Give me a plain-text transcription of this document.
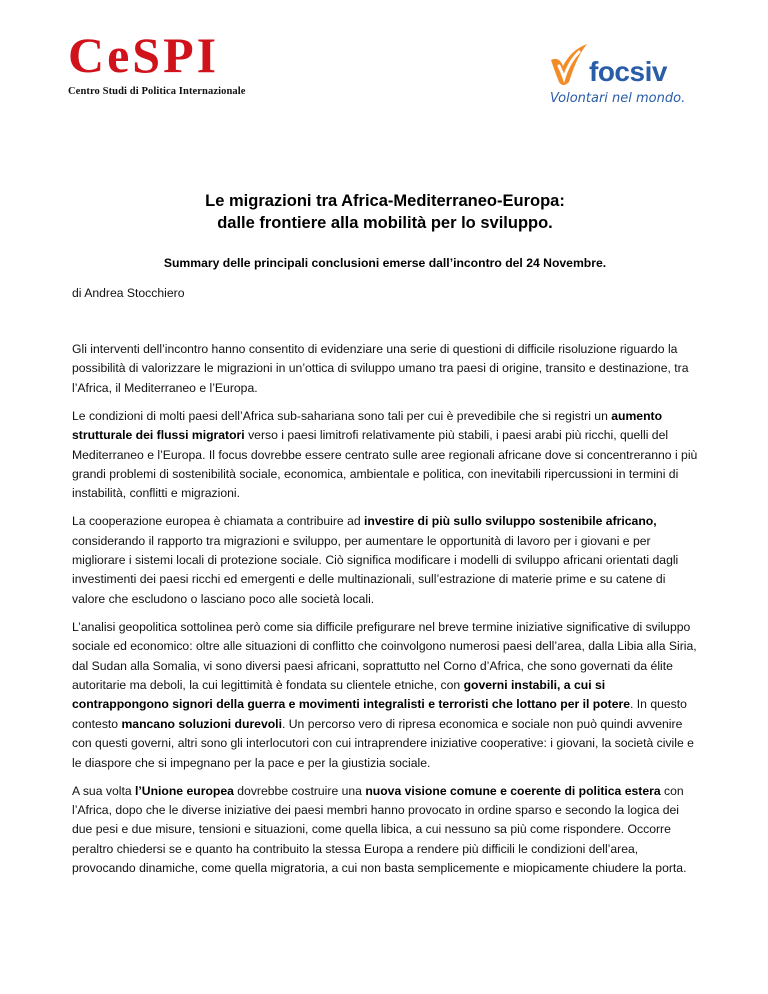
CeSPI
Centro Studi di Politica Internazionale
focsiv
Volontari nel mondo.
Le migrazioni tra Africa-Mediterraneo-Europa:
dalle frontiere alla mobilità per lo sviluppo.
Summary delle principali conclusioni emerse dall’incontro del 24 Novembre.
di Andrea Stocchiero

Gli interventi dell’incontro hanno consentito di evidenziare una serie di questioni di difficile risoluzione riguardo la possibilità di valorizzare le migrazioni in un’ottica di sviluppo umano tra paesi di origine, transito e destinazione, tra l’Africa, il Mediterraneo e l’Europa.

Le condizioni di molti paesi dell’Africa sub-sahariana sono tali per cui è prevedibile che si registri un aumento strutturale dei flussi migratori verso i paesi limitrofi relativamente più stabili, i paesi arabi più ricchi, quelli del Mediterraneo e l’Europa. Il focus dovrebbe essere centrato sulle aree regionali africane dove si concentreranno i più grandi problemi di sostenibilità sociale, economica, ambientale e politica, con inevitabili ripercussioni in termini di instabilità, conflitti e migrazioni.

La cooperazione europea è chiamata a contribuire ad investire di più sullo sviluppo sostenibile africano, considerando il rapporto tra migrazioni e sviluppo, per aumentare le opportunità di lavoro per i giovani e per migliorare i sistemi locali di protezione sociale. Ciò significa modificare i modelli di sviluppo africani orientati dagli investimenti dei paesi ricchi ed emergenti e delle multinazionali, sull’estrazione di materie prime e su catene di valore che escludono o lasciano poco alle società locali.

L’analisi geopolitica sottolinea però come sia difficile prefigurare nel breve termine iniziative significative di sviluppo sociale ed economico: oltre alle situazioni di conflitto che coinvolgono numerosi paesi dell’area, dalla Libia alla Siria, dal Sudan alla Somalia, vi sono diversi paesi africani, soprattutto nel Corno d’Africa, che sono governati da élite autoritarie ma deboli, la cui legittimità è fondata su clientele etniche, con governi instabili, a cui si contrappongono signori della guerra e movimenti integralisti e terroristi che lottano per il potere. In questo contesto mancano soluzioni durevoli. Un percorso vero di ripresa economica e sociale non può quindi avvenire con questi governi, altri sono gli interlocutori con cui intraprendere iniziative cooperative: i giovani, la società civile e le diaspore che si impegnano per la pace e per la giustizia sociale.

A sua volta l’Unione europea dovrebbe costruire una nuova visione comune e coerente di politica estera con l’Africa, dopo che le diverse iniziative dei paesi membri hanno provocato in ordine sparso e secondo la logica dei due pesi e due misure, tensioni e situazioni, come quella libica, a cui nessuno sa più come rispondere. Occorre peraltro chiedersi se e quanto ha contribuito la stessa Europa a rendere più difficili le condizioni dell’area, provocando dinamiche, come quella migratoria, a cui non basta semplicemente e miopicamente chiudere la porta.
